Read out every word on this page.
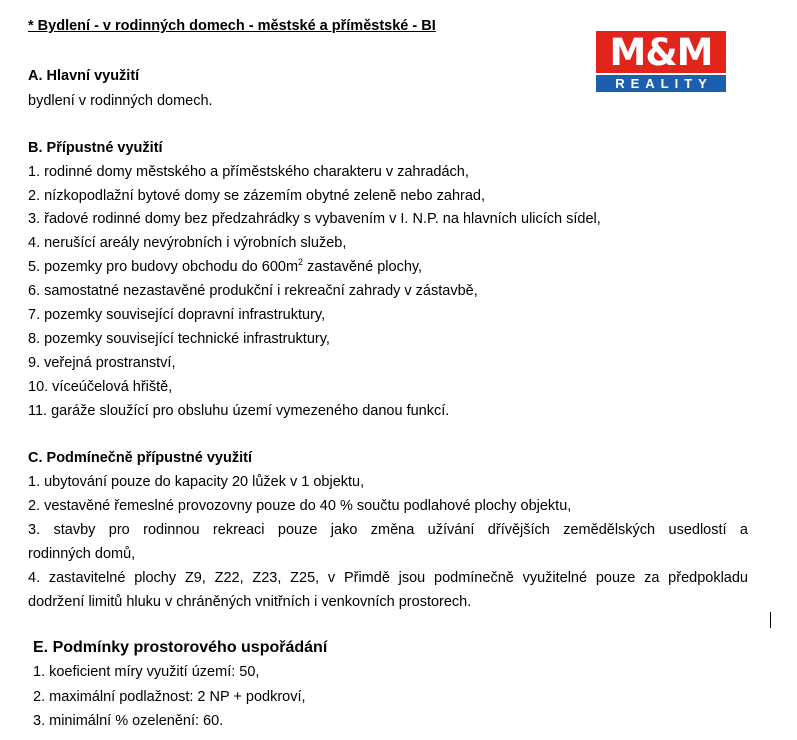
* Bydlení - v rodinných domech - městské a příměstské - BI
M&M
REALITY
A. Hlavní využití
bydlení v rodinných domech.
B. Přípustné využití
1. rodinné domy městského a příměstského charakteru v zahradách,
2. nízkopodlažní bytové domy se zázemím obytné zeleně nebo zahrad,
3. řadové rodinné domy bez předzahrádky s vybavením v I. N.P. na hlavních ulicích sídel,
4. nerušící areály nevýrobních i výrobních služeb,
5. pozemky pro budovy obchodu do $600m^2$ zastavěné plochy,
6. samostatné nezastavěné produkční i rekreační zahrady v zástavbě,
7. pozemky související dopravní infrastruktury,
8. pozemky související technické infrastruktury,
9. veřejná prostranství,
10. víceúčelová hřiště,
11. garáže sloužící pro obsluhu území vymezeného danou funkcí.
C. Podmínečně přípustné využití
1. ubytování pouze do kapacity 20 lůžek v 1 objektu,
2. vestavěné řemeslné provozovny pouze do 40 % součtu podlahové plochy objektu,
3. stavby pro rodinnou rekreaci pouze jako změna užívání dřívějších zemědělských usedlostí a
rodinných domů,
4. zastavitelné plochy Z9, Z22, Z23, Z25, v Přimdě jsou podmínečně využitelné pouze za předpokladu
dodržení limitů hluku v chráněných vnitřních i venkovních prostorech.
E. Podmínky prostorového uspořádání
1. koeficient míry využití území: 50,
2. maximální podlažnost: 2 NP + podkroví,
3. minimální % ozelenění: 60.
